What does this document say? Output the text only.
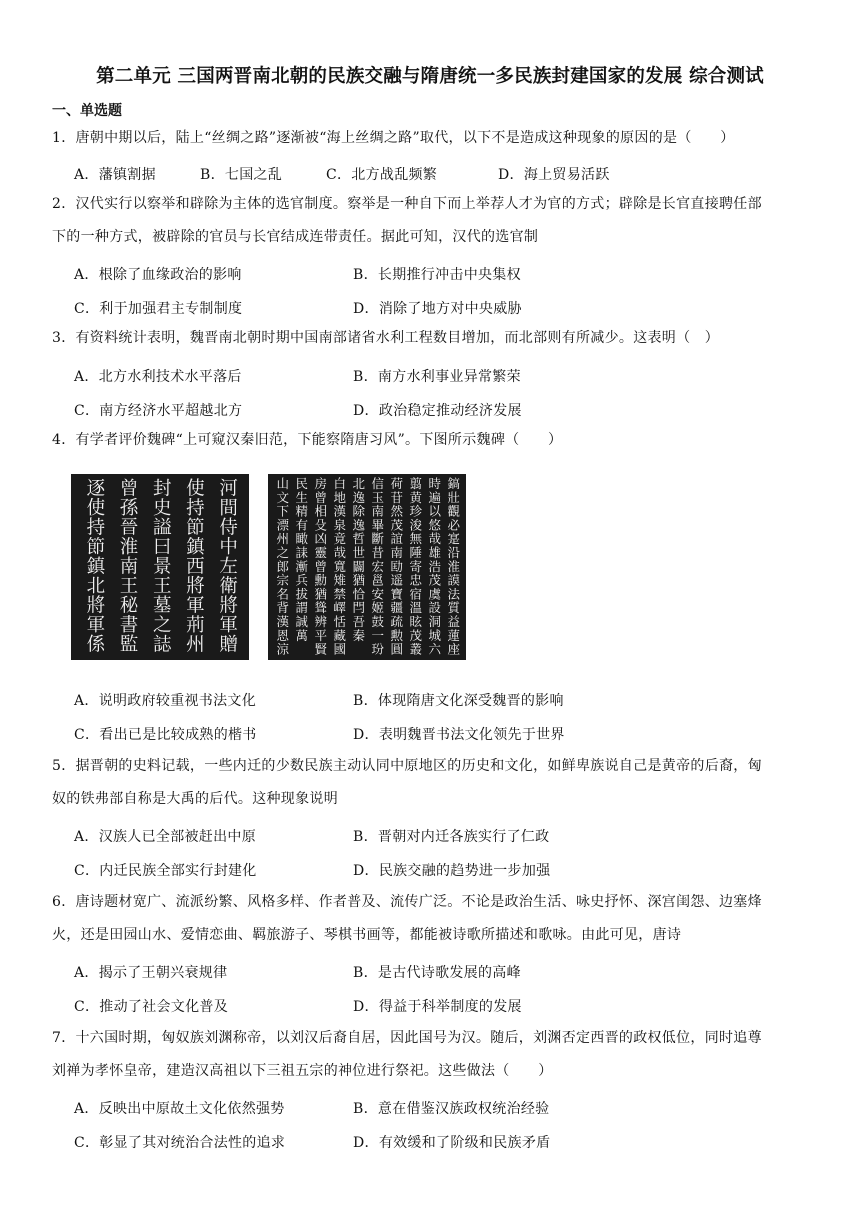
第二单元 三国两晋南北朝的民族交融与隋唐统一多民族封建国家的发展 综合测试
一、单选题
1．唐朝中期以后，陆上“丝绸之路”逐渐被“海上丝绸之路”取代，以下不是造成这种现象的原因的是（　　）
A．藩镇割据	B．七国之乱	C．北方战乱频繁	D．海上贸易活跃
2．汉代实行以察举和辟除为主体的选官制度。察举是一种自下而上举荐人才为官的方式；辟除是长官直接聘任部
下的一种方式，被辟除的官员与长官结成连带责任。据此可知，汉代的选官制
A．根除了血缘政治的影响	B．长期推行冲击中央集权
C．利于加强君主专制制度	D．消除了地方对中央威胁
3．有资料统计表明，魏晋南北朝时期中国南部诸省水利工程数目增加，而北部则有所减少。这表明（　）
A．北方水利技术水平落后	B．南方水利事业异常繁荣
C．南方经济水平超越北方	D．政治稳定推动经济发展
4．有学者评价魏碑“上可窥汉秦旧范，下能察隋唐习风”。下图所示魏碑（　　）
河間侍中左衛將軍贈
使持節鎮西將軍荊州
封史謚曰景王墓之誌
曾孫晉淮南王秘書監
逐使持節鎮北將軍係	鎬壯觀必寔沿淮謨法質益蓮座
時遍以悠哉雄浩茂虞設洞城六
翦黄珍浚無陲寄忠宿溫眩茂叢
荷苷然茂誼南劻遥寶疆疏勲圓
信玉南畢斷昔宏邕安姬鼓一玢
北逸除逸哲世闢猶恰閂吾秦
白地漢泉竟哉寬雉禁嶧恬藏國
房曾相殳凶靈曾勳猶聳辨平賢
民生精有瞰誄漸兵拔謂誠萬
山文下漂州之郎宗名背漢恩涼
A．说明政府较重视书法文化	B．体现隋唐文化深受魏晋的影响
C．看出已是比较成熟的楷书	D．表明魏晋书法文化领先于世界
5．据晋朝的史料记载，一些内迁的少数民族主动认同中原地区的历史和文化，如鲜卑族说自己是黄帝的后裔，匈
奴的铁弗部自称是大禹的后代。这种现象说明
A．汉族人已全部被赶出中原	B．晋朝对内迁各族实行了仁政
C．内迁民族全部实行封建化	D．民族交融的趋势进一步加强
6．唐诗题材宽广、流派纷繁、风格多样、作者普及、流传广泛。不论是政治生活、咏史抒怀、深宫闺怨、边塞烽
火，还是田园山水、爱情恋曲、羁旅游子、琴棋书画等，都能被诗歌所描述和歌咏。由此可见，唐诗
A．揭示了王朝兴衰规律	B．是古代诗歌发展的高峰
C．推动了社会文化普及	D．得益于科举制度的发展
7．十六国时期，匈奴族刘渊称帝，以刘汉后裔自居，因此国号为汉。随后，刘渊否定西晋的政权低位，同时追尊
刘禅为孝怀皇帝，建造汉高祖以下三祖五宗的神位进行祭祀。这些做法（　　）
A．反映出中原故土文化依然强势	B．意在借鉴汉族政权统治经验
C．彰显了其对统治合法性的追求	D．有效缓和了阶级和民族矛盾
